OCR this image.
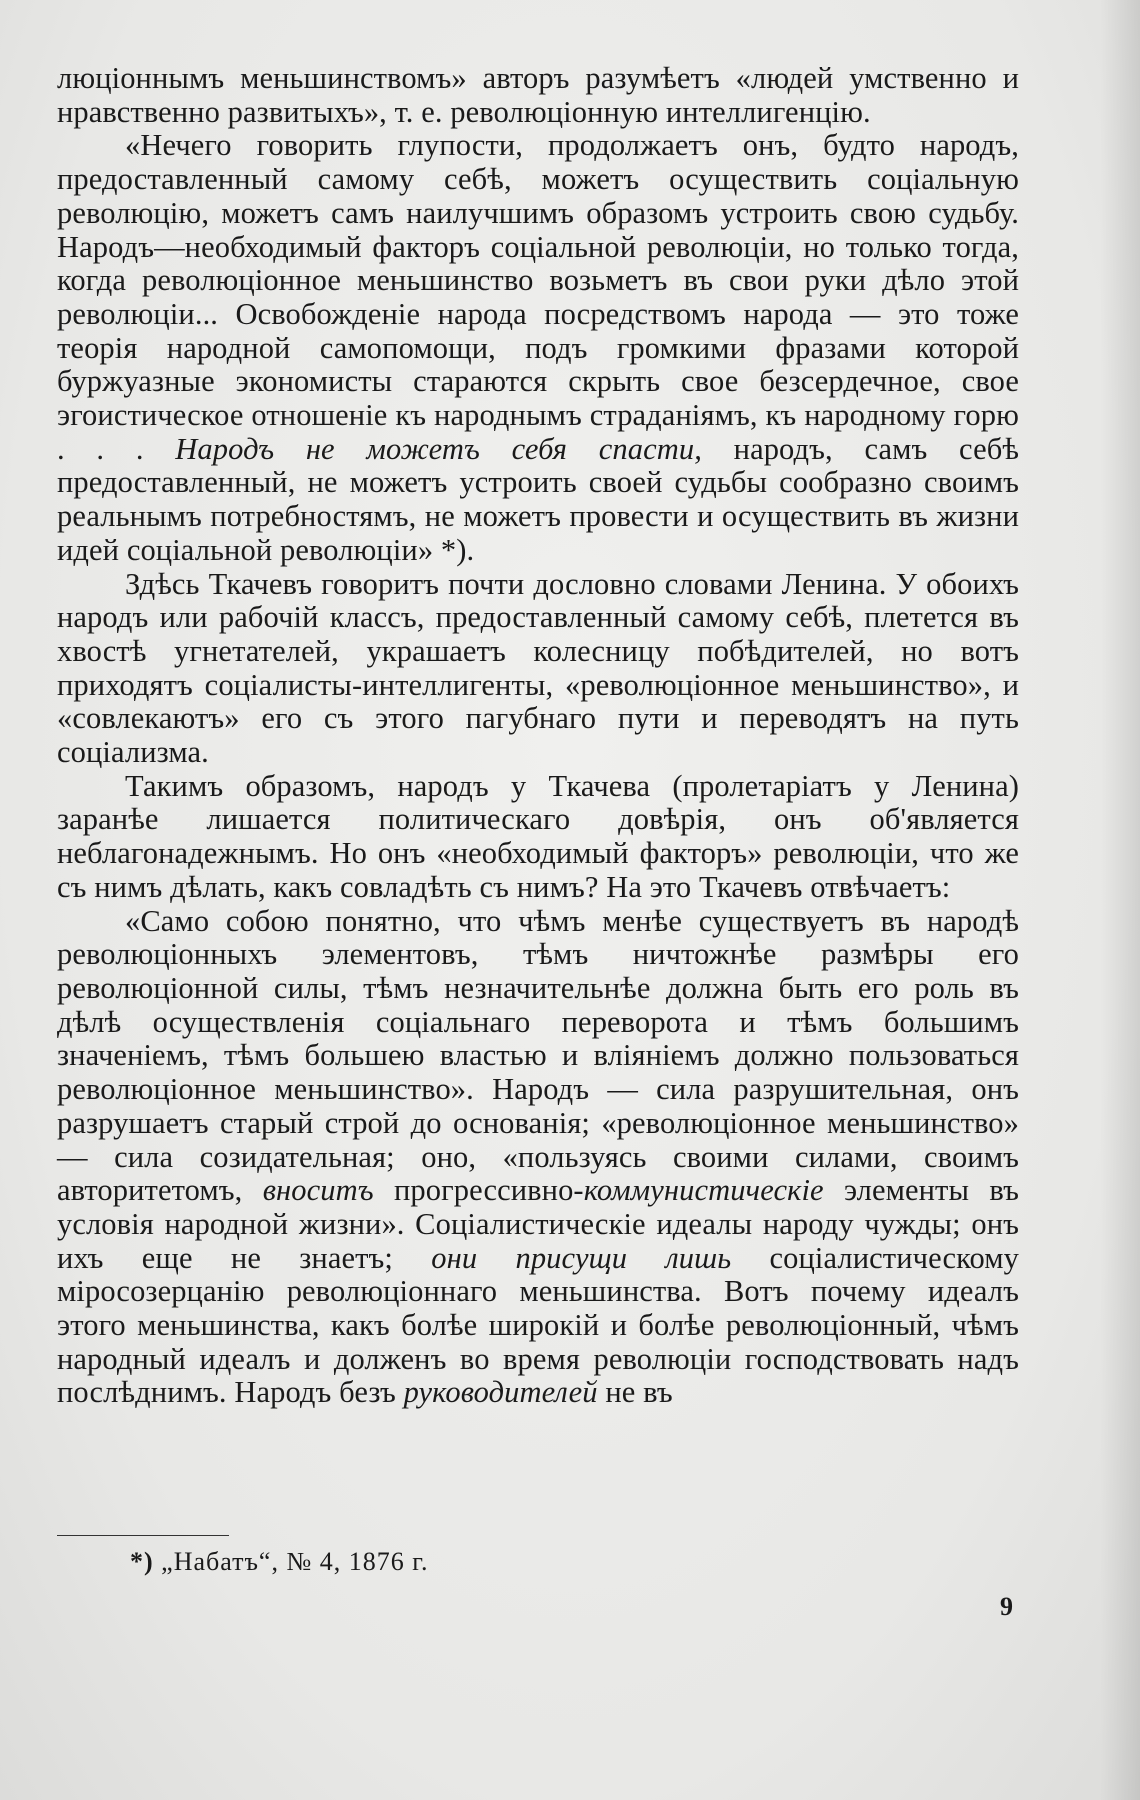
люціоннымъ меньшинствомъ» авторъ разумѣетъ «людей умственно и нравственно развитыхъ», т. е. революціонную интеллигенцію.

«Нечего говорить глупости, продолжаетъ онъ, будто народъ, предоставленный самому себѣ, можетъ осуществить соціальную революцію, можетъ самъ наилучшимъ образомъ устроить свою судьбу. Народъ—необходимый факторъ соціальной революціи, но только тогда, когда революціонное меньшинство возьметъ въ свои руки дѣло этой революціи... Освобожденіе народа посредствомъ народа — это тоже теорія народной самопомощи, подъ громкими фразами которой буржуазные экономисты стараются скрыть свое безсердечное, свое эгоистическое отношеніе къ народнымъ страданіямъ, къ народному горю . . . Народъ не можетъ себя спасти, народъ, самъ себѣ предоставленный, не можетъ устроить своей судьбы сообразно своимъ реальнымъ потребностямъ, не можетъ провести и осуществить въ жизни идей соціальной революціи» *).

Здѣсь Ткачевъ говоритъ почти дословно словами Ленина. У обоихъ народъ или рабочій классъ, предоставленный самому себѣ, плетется въ хвостѣ угнетателей, украшаетъ колесницу побѣдителей, но вотъ приходятъ соціалисты-интеллигенты, «революціонное меньшинство», и «совлекаютъ» его съ этого пагубнаго пути и переводятъ на путь соціализма.

Такимъ образомъ, народъ у Ткачева (пролетаріатъ у Ленина) заранѣе лишается политическаго довѣрія, онъ об'является неблагонадежнымъ. Но онъ «необходимый факторъ» революціи, что же съ нимъ дѣлать, какъ совладѣть съ нимъ? На это Ткачевъ отвѣчаетъ:

«Само собою понятно, что чѣмъ менѣе существуетъ въ народѣ революціонныхъ элементовъ, тѣмъ ничтожнѣе размѣры его революціонной силы, тѣмъ незначительнѣе должна быть его роль въ дѣлѣ осуществленія соціальнаго переворота и тѣмъ большимъ значеніемъ, тѣмъ большею властью и вліяніемъ должно пользоваться революціонное меньшинство». Народъ — сила разрушительная, онъ разрушаетъ старый строй до основанія; «революціонное меньшинство» — сила созидательная; оно, «пользуясь своими силами, своимъ авторитетомъ, вноситъ прогрессивно-коммунистическіе элементы въ условія народной жизни». Соціалистическіе идеалы народу чужды; онъ ихъ еще не знаетъ; они присущи лишь соціалистическому міросозерцанію революціоннаго меньшинства. Вотъ почему идеалъ этого меньшинства, какъ болѣе широкій и болѣе революціонный, чѣмъ народный идеалъ и долженъ во время революціи господствовать надъ послѣднимъ. Народъ безъ руководителей не въ

*) „Набатъ“, № 4, 1876 г.
9
